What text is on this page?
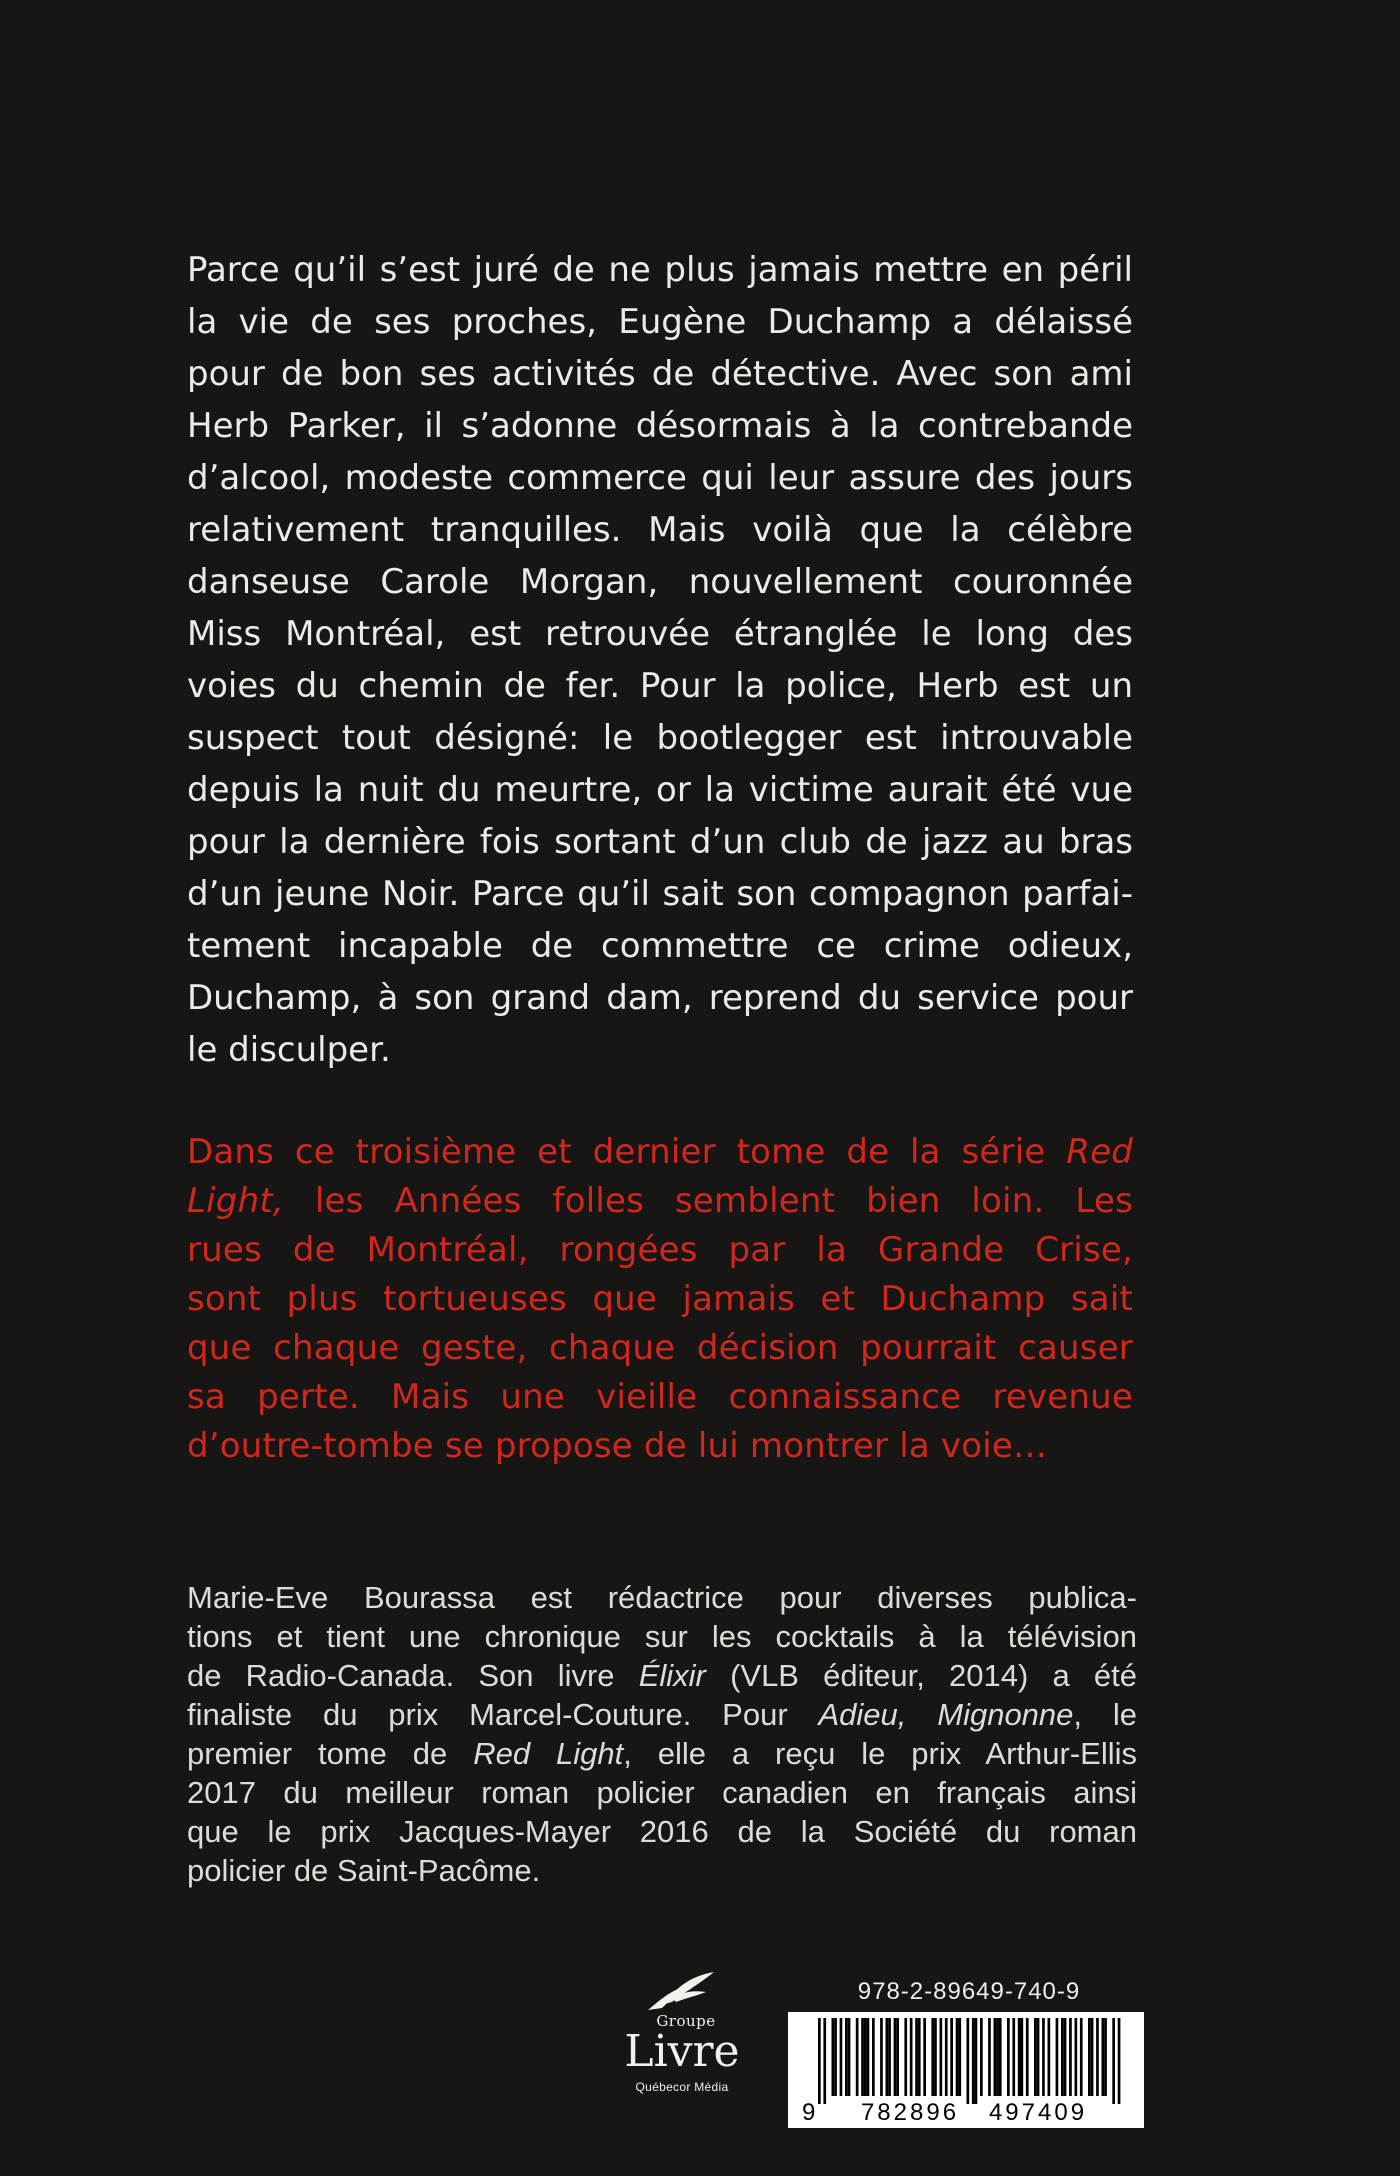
Parce qu’il s’est juré de ne plus jamais mettre en péril
la vie de ses proches, Eugène Duchamp a délaissé
pour de bon ses activités de détective. Avec son ami
Herb Parker, il s’adonne désormais à la contrebande
d’alcool, modeste commerce qui leur assure des jours
relativement tranquilles. Mais voilà que la célèbre
danseuse Carole Morgan, nouvellement couronnée
Miss Montréal, est retrouvée étranglée le long des
voies du chemin de fer. Pour la police, Herb est un
suspect tout désigné: le bootlegger est introuvable
depuis la nuit du meurtre, or la victime aurait été vue
pour la dernière fois sortant d’un club de jazz au bras
d’un jeune Noir. Parce qu’il sait son compagnon parfai-
tement incapable de commettre ce crime odieux,
Duchamp, à son grand dam, reprend du service pour
le disculper.
Dans ce troisième et dernier tome de la série Red
Light, les Années folles semblent bien loin. Les
rues de Montréal, rongées par la Grande Crise,
sont plus tortueuses que jamais et Duchamp sait
que chaque geste, chaque décision pourrait causer
sa perte. Mais une vieille connaissance revenue
d’outre-tombe se propose de lui montrer la voie…
Marie-Eve Bourassa est rédactrice pour diverses publica-
tions et tient une chronique sur les cocktails à la télévision
de Radio-Canada. Son livre Élixir (VLB éditeur, 2014) a été
finaliste du prix Marcel-Couture. Pour Adieu, Mignonne, le
premier tome de Red Light, elle a reçu le prix Arthur-Ellis
2017 du meilleur roman policier canadien en français ainsi
que le prix Jacques-Mayer 2016 de la Société du roman
policier de Saint-Pacôme.
Groupe
Livre
Québecor Média
978-2-89649-740-9
9 782896 497409
